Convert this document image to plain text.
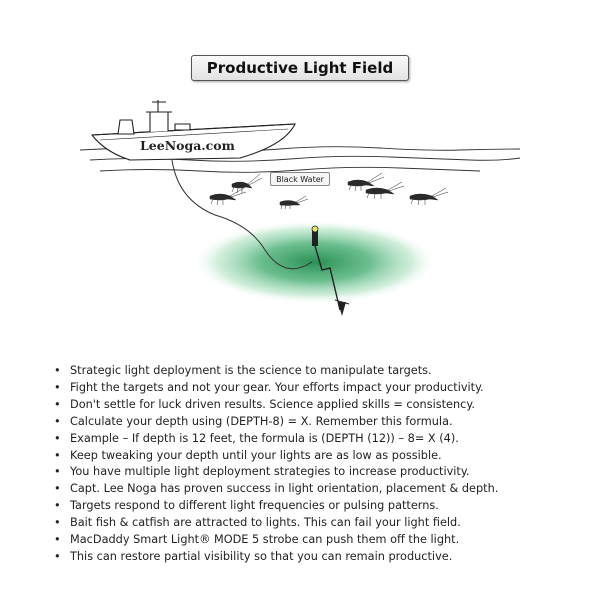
Productive Light Field
LeeNoga.com
Black Water
• Strategic light deployment is the science to manipulate targets.
• Fight the targets and not your gear. Your efforts impact your productivity.
• Don't settle for luck driven results. Science applied skills = consistency.
• Calculate your depth using (DEPTH-8) = X. Remember this formula.
• Example – If depth is 12 feet, the formula is (DEPTH (12)) – 8= X (4).
• Keep tweaking your depth until your lights are as low as possible.
• You have multiple light deployment strategies to increase productivity.
• Capt. Lee Noga has proven success in light orientation, placement & depth.
• Targets respond to different light frequencies or pulsing patterns.
• Bait fish & catfish are attracted to lights. This can fail your light field.
• MacDaddy Smart Light® MODE 5 strobe can push them off the light.
• This can restore partial visibility so that you can remain productive.
